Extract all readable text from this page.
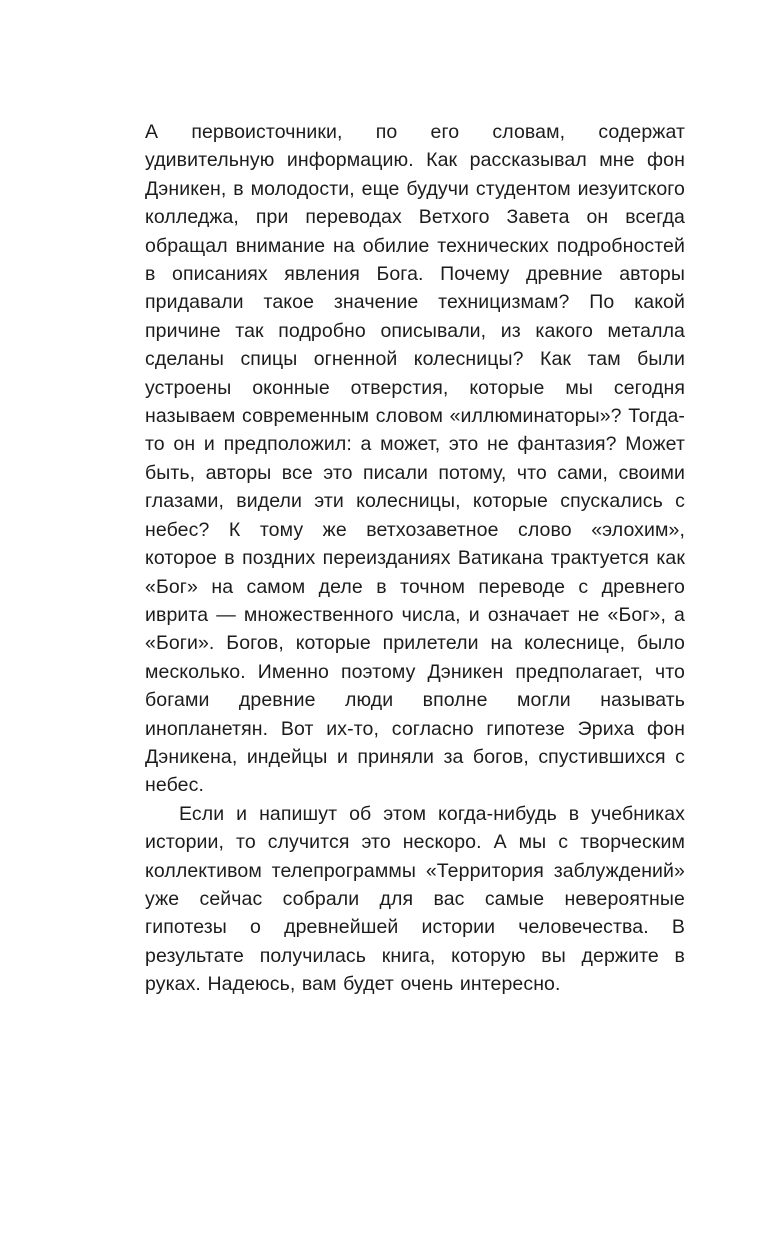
А первоисточники, по его словам, содержат удивительную информацию. Как рассказывал мне фон Дэникен, в молодости, еще будучи студентом иезуитского колледжа, при переводах Ветхого Завета он всегда обращал внимание на обилие технических подробностей в описаниях явления Бога. Почему древние авторы придавали такое значение техницизмам? По какой причине так подробно описывали, из какого металла сделаны спицы огненной колесницы? Как там были устроены оконные отверстия, которые мы сегодня называем современным словом «иллюминаторы»? Тогда-то он и предположил: а может, это не фантазия? Может быть, авторы все это писали потому, что сами, своими глазами, видели эти колесницы, которые спускались с небес? К тому же ветхозаветное слово «элохим», которое в поздних переизданиях Ватикана трактуется как «Бог» на самом деле в точном переводе с древнего иврита — множественного числа, и означает не «Бог», а «Боги». Богов, которые прилетели на колеснице, было месколько. Именно поэтому Дэникен предполагает, что богами древние люди вполне могли называть инопланетян. Вот их-то, согласно гипотезе Эриха фон Дэникена, индейцы и приняли за богов, спустившихся с небес.

Если и напишут об этом когда-нибудь в учебниках истории, то случится это нескоро. А мы с творческим коллективом телепрограммы «Территория заблуждений» уже сейчас собрали для вас самые невероятные гипотезы о древнейшей истории человечества. В результате получилась книга, которую вы держите в руках. Надеюсь, вам будет очень интересно.
